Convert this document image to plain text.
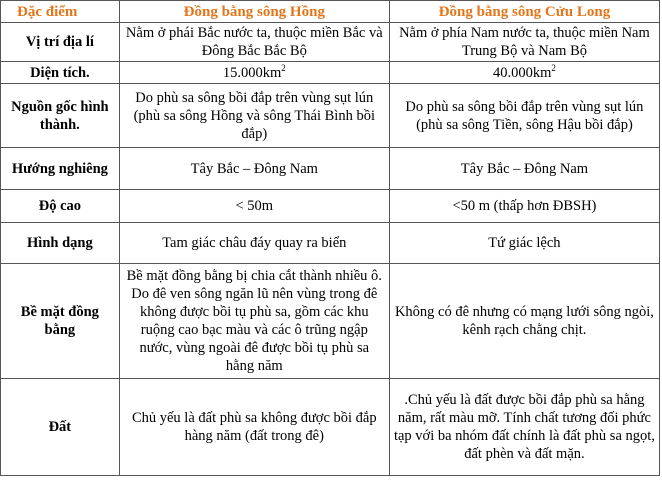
Đặc điểm	Đồng bằng sông Hồng	Đồng bằng sông Cửu Long
Vị trí địa lí	Nằm ở phái Bắc nước ta, thuộc miền Bắc và Đông Bắc Bắc Bộ	Nằm ở phía Nam nước ta, thuộc miền Nam Trung Bộ và Nam Bộ
Diện tích.	$15.000km^2$	$40.000km^2$
Nguồn gốc hình thành.	Do phù sa sông bồi đắp trên vùng sụt lún (phù sa sông Hồng và sông Thái Bình bồi đắp)	Do phù sa sông bồi đắp trên vùng sụt lún (phù sa sông Tiền, sông Hậu bồi đắp)
Hướng nghiêng	Tây Bắc – Đông Nam	Tây Bắc – Đông Nam
Độ cao	< 50m	<50 m (thấp hơn ĐBSH)
Hình dạng	Tam giác châu đáy quay ra biển	Tứ giác lệch
Bề mặt đồng bằng	Bề mặt đồng bằng bị chia cắt thành nhiều ô. Do đê ven sông ngăn lũ nên vùng trong đê không được bồi tụ phù sa, gồm các khu ruộng cao bạc màu và các ô trũng ngập nước, vùng ngoài đê được bồi tụ phù sa hằng năm	Không có đê nhưng có mạng lưới sông ngòi, kênh rạch chằng chịt.
Đất	Chủ yếu là đất phù sa không được bồi đắp hàng năm (đất trong đê)	.Chủ yếu là đất được bồi đắp phù sa hằng năm, rất màu mỡ. Tính chất tương đối phức tạp với ba nhóm đất chính là đất phù sa ngọt, đất phèn và đất mặn.
